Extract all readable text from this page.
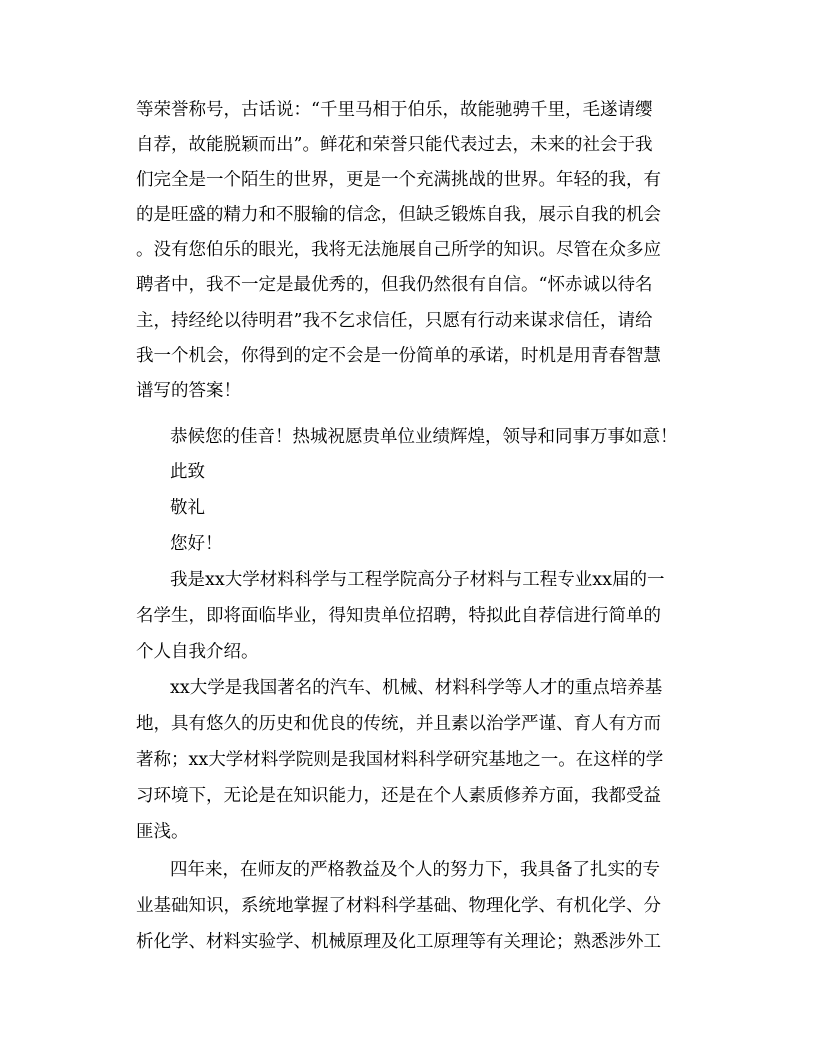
等荣誉称号，古话说：“千里马相于伯乐，故能驰骋千里，毛遂请缨
自荐，故能脱颖而出”。鲜花和荣誉只能代表过去，未来的社会于我
们完全是一个陌生的世界，更是一个充满挑战的世界。年轻的我，有
的是旺盛的精力和不服输的信念，但缺乏锻炼自我，展示自我的机会
。没有您伯乐的眼光，我将无法施展自己所学的知识。尽管在众多应
聘者中，我不一定是最优秀的，但我仍然很有自信。“怀赤诚以待名
主，持经纶以待明君”我不乞求信任，只愿有行动来谋求信任，请给
我一个机会，你得到的定不会是一份简单的承诺，时机是用青春智慧
谱写的答案！
恭候您的佳音！热城祝愿贵单位业绩辉煌，领导和同事万事如意！
此致
敬礼
您好！
我是xx大学材料科学与工程学院高分子材料与工程专业xx届的一
名学生，即将面临毕业，得知贵单位招聘，特拟此自荐信进行简单的
个人自我介绍。
xx大学是我国著名的汽车、机械、材料科学等人才的重点培养基
地，具有悠久的历史和优良的传统，并且素以治学严谨、育人有方而
著称；xx大学材料学院则是我国材料科学研究基地之一。在这样的学
习环境下，无论是在知识能力，还是在个人素质修养方面，我都受益
匪浅。
四年来，在师友的严格教益及个人的努力下，我具备了扎实的专
业基础知识，系统地掌握了材料科学基础、物理化学、有机化学、分
析化学、材料实验学、机械原理及化工原理等有关理论；熟悉涉外工
